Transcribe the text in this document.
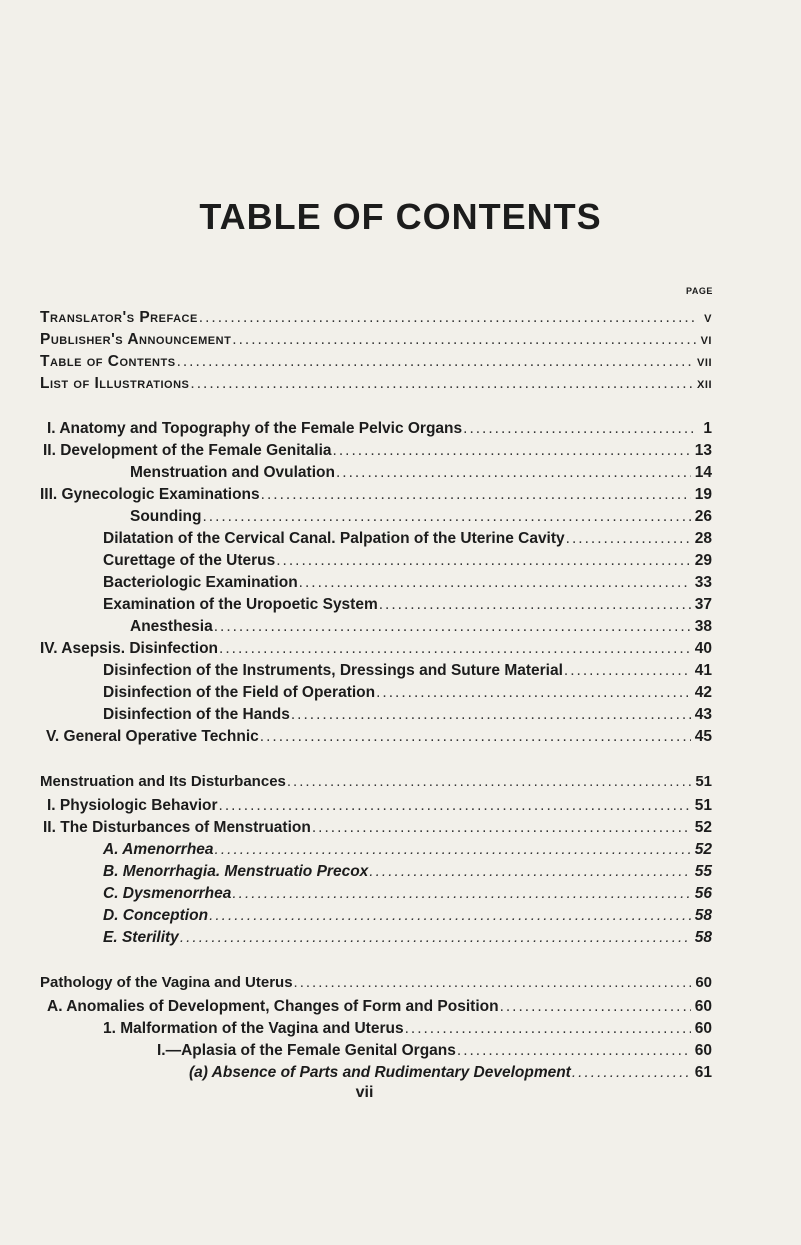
TABLE OF CONTENTS
PAGE
Translator's Preface .....	v
Publisher's Announcement .....	vi
Table of Contents .....	vii
List of Illustrations .....	xii
I. Anatomy and Topography of the Female Pelvic Organs .....	1
II. Development of the Female Genitalia .....	13
Menstruation and Ovulation .....	14
III. Gynecologic Examinations .....	19
Sounding .....	26
Dilatation of the Cervical Canal. Palpation of the Uterine Cavity .....	28
Curettage of the Uterus .....	29
Bacteriologic Examination .....	33
Examination of the Uropoetic System .....	37
Anesthesia .....	38
IV. Asepsis. Disinfection .....	40
Disinfection of the Instruments, Dressings and Suture Material .....	41
Disinfection of the Field of Operation .....	42
Disinfection of the Hands .....	43
V. General Operative Technic .....	45
Menstruation and Its Disturbances .....	51
I. Physiologic Behavior .....	51
II. The Disturbances of Menstruation .....	52
A. Amenorrhea .....	52
B. Menorrhagia. Menstruatio Precox .....	55
C. Dysmenorrhea .....	56
D. Conception .....	58
E. Sterility .....	58
Pathology of the Vagina and Uterus .....	60
A. Anomalies of Development, Changes of Form and Position .....	60
1. Malformation of the Vagina and Uterus .....	60
I.—Aplasia of the Female Genital Organs .....	60
(a) Absence of Parts and Rudimentary Development .....	61
vii
